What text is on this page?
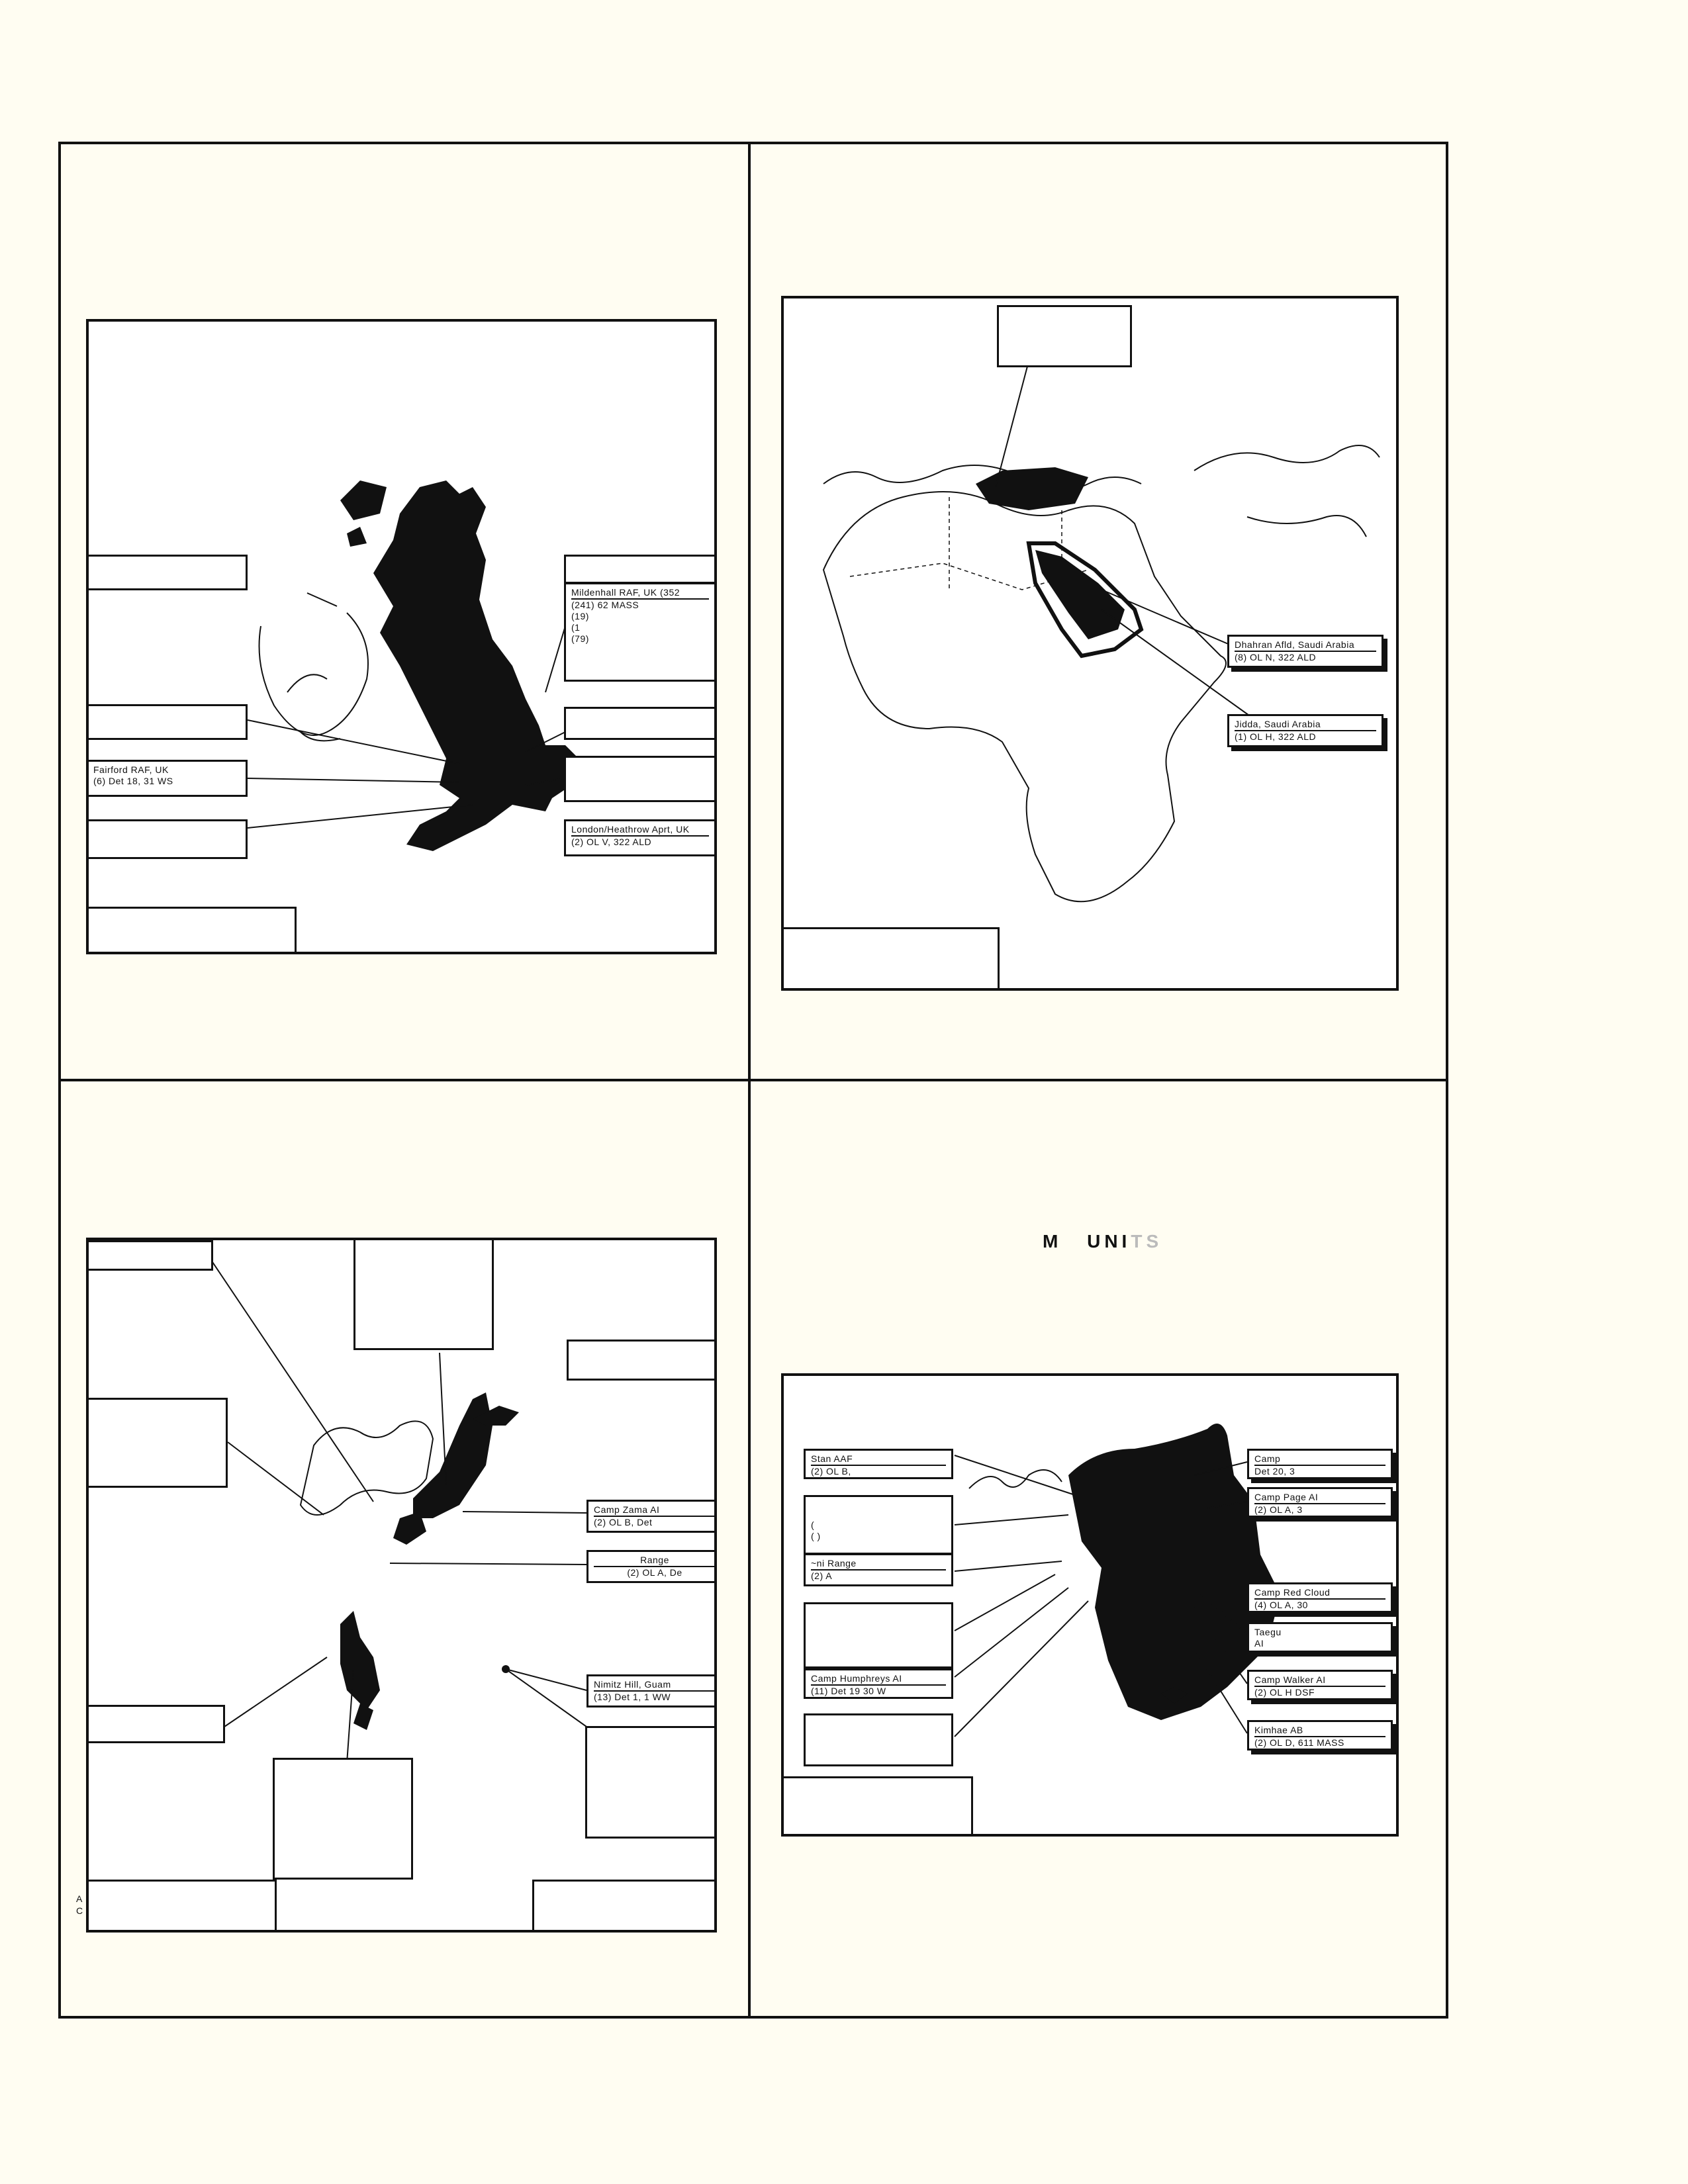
Fairford RAF, UK
(6) Det 18, 31 WS
Mildenhall RAF, UK (352
(241) 62 MASS
(19)
(1
(79)
London/Heathrow Aprt, UK
(2) OL V, 322 ALD
Dhahran Afld, Saudi Arabia
(8) OL N, 322 ALD
Jidda, Saudi Arabia
(1) OL H, 322 ALD
Camp Zama AI
(2) OL B, Det
Range
(2) OL A, De
Nimitz Hill, Guam
(13) Det 1, 1 WW
A
C
M UNITS
Stan AAF
(2) OL B,
(
( )
~ni Range
(2) A
Camp Humphreys AI
(11) Det 19 30 W
Camp
Det 20, 3
Camp Page AI
(2) OL A, 3
Camp Red Cloud
(4) OL A, 30
Taegu
AI
Camp Walker AI
(2) OL H DSF
Kimhae AB
(2) OL D, 611 MASS
